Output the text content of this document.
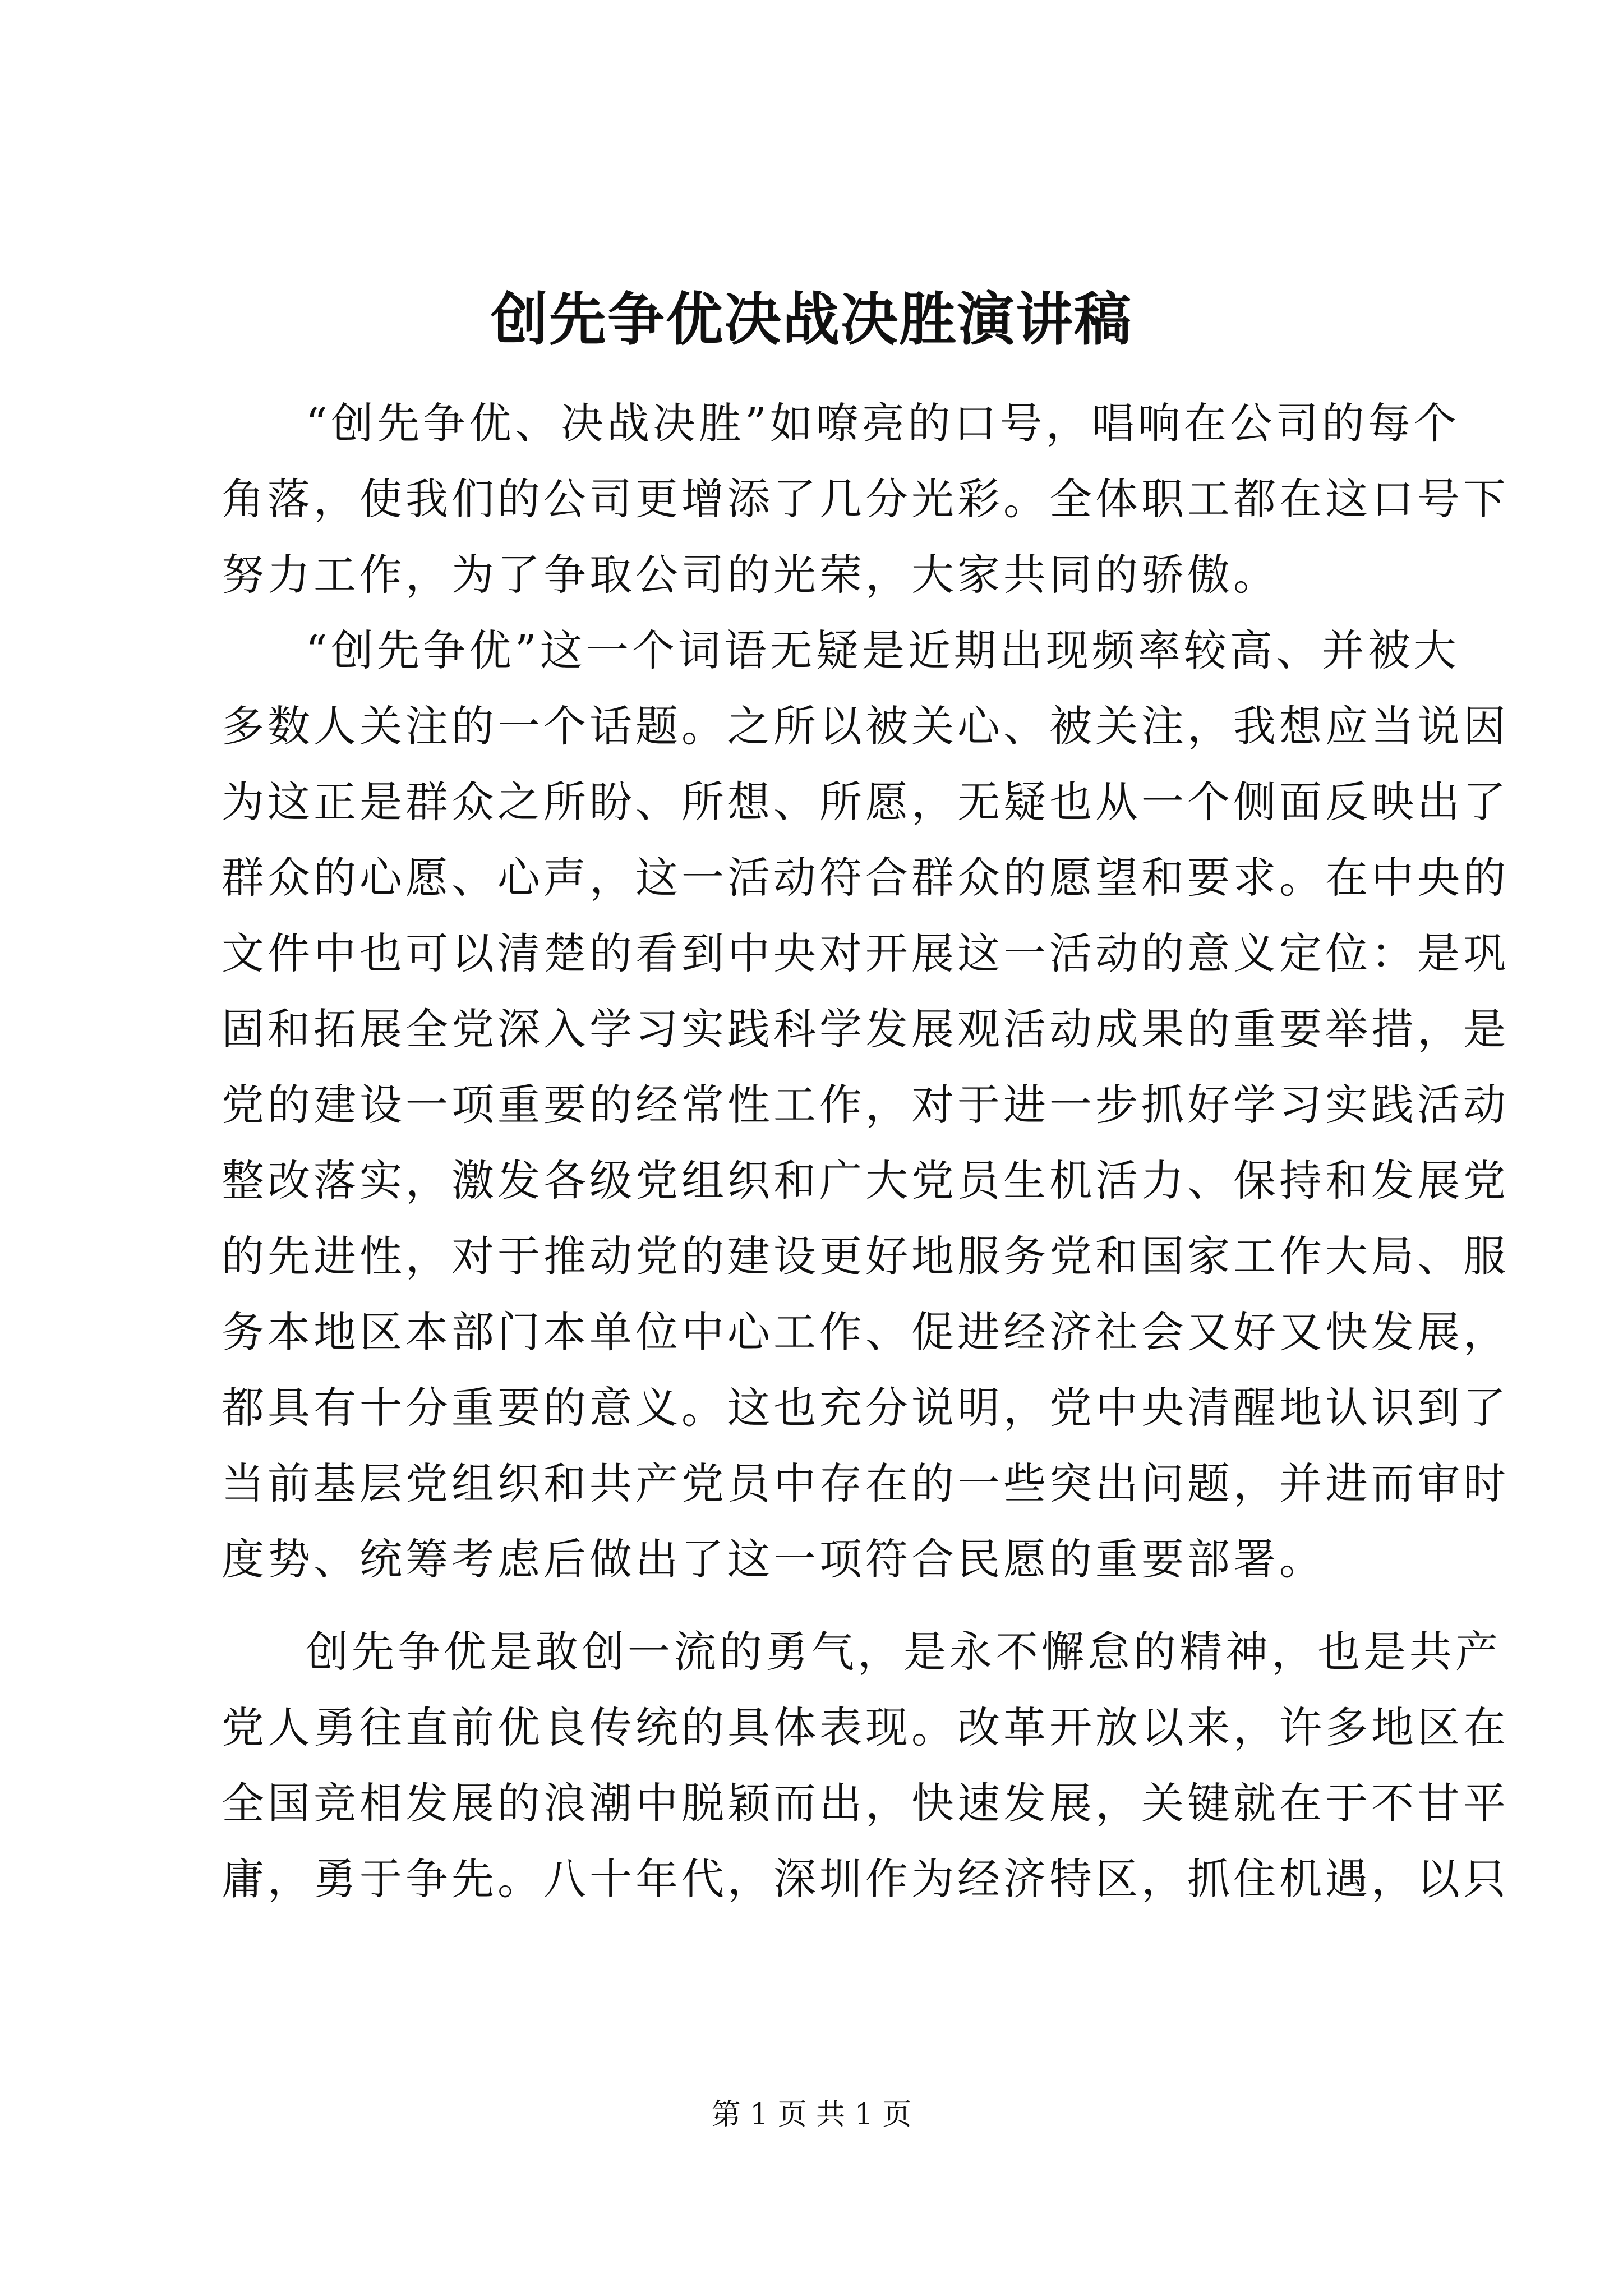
创先争优决战决胜演讲稿
“创先争优、决战决胜”如嘹亮的口号，唱响在公司的每个
角落，使我们的公司更增添了几分光彩。全体职工都在这口号下
努力工作，为了争取公司的光荣，大家共同的骄傲。
“创先争优”这一个词语无疑是近期出现频率较高、并被大
多数人关注的一个话题。之所以被关心、被关注，我想应当说因
为这正是群众之所盼、所想、所愿，无疑也从一个侧面反映出了
群众的心愿、心声，这一活动符合群众的愿望和要求。在中央的
文件中也可以清楚的看到中央对开展这一活动的意义定位：是巩
固和拓展全党深入学习实践科学发展观活动成果的重要举措，是
党的建设一项重要的经常性工作，对于进一步抓好学习实践活动
整改落实，激发各级党组织和广大党员生机活力、保持和发展党
的先进性，对于推动党的建设更好地服务党和国家工作大局、服
务本地区本部门本单位中心工作、促进经济社会又好又快发展，
都具有十分重要的意义。这也充分说明，党中央清醒地认识到了
当前基层党组织和共产党员中存在的一些突出问题，并进而审时
度势、统筹考虑后做出了这一项符合民愿的重要部署。
创先争优是敢创一流的勇气，是永不懈怠的精神，也是共产
党人勇往直前优良传统的具体表现。改革开放以来，许多地区在
全国竞相发展的浪潮中脱颖而出，快速发展，关键就在于不甘平
庸，勇于争先。八十年代，深圳作为经济特区，抓住机遇，以只
第 1 页 共 1 页
